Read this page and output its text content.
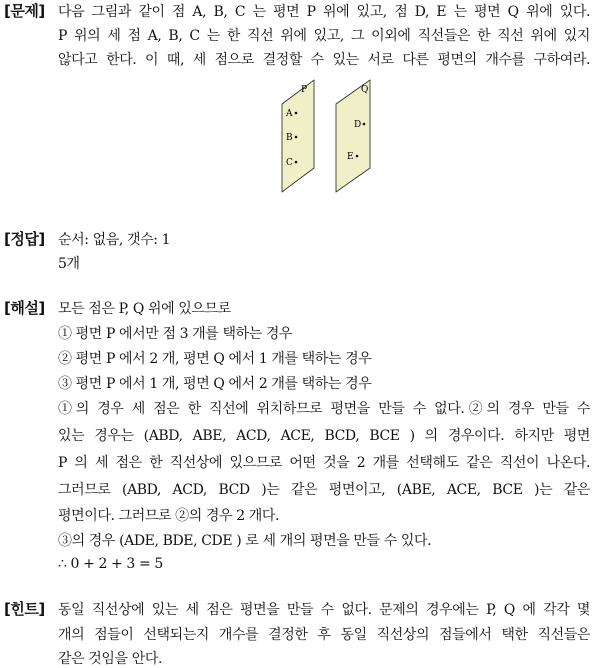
[문제] 다음 그림과 같이 점 A, B, C 는 평면 P 위에 있고, 점 D, E 는 평면 Q 위에 있다.
P 위의 세 점 A, B, C 는 한 직선 위에 있고, 그 이외에 직선들은 한 직선 위에 있지
않다고 한다. 이 때, 세 점으로 결정할 수 있는 서로 다른 평면의 개수를 구하여라.
P
A
B
C
Q
D
E
[정답] 순서: 없음, 갯수: 1
5개
[해설] 모든 점은 P, Q 위에 있으므로
① 평면 P 에서만 점 3 개를 택하는 경우
② 평면 P 에서 2 개, 평면 Q 에서 1 개를 택하는 경우
③ 평면 P 에서 1 개, 평면 Q 에서 2 개를 택하는 경우
①의 경우 세 점은 한 직선에 위치하므로 평면을 만들 수 없다.②의 경우 만들 수
있는 경우는 (ABD, ABE, ACD, ACE, BCD, BCE ) 의 경우이다. 하지만 평면
P 의 세 점은 한 직선상에 있으므로 어떤 것을 2 개를 선택해도 같은 직선이 나온다.
그러므로 (ABD, ACD, BCD )는 같은 평면이고, (ABE, ACE, BCE )는 같은
평면이다. 그러므로 ②의 경우 2 개다.
③의 경우 (ADE, BDE, CDE ) 로 세 개의 평면을 만들 수 있다.
∴ 0 + 2 + 3 = 5
[힌트] 동일 직선상에 있는 세 점은 평면을 만들 수 없다. 문제의 경우에는 P, Q 에 각각 몇
개의 점들이 선택되는지 개수를 결정한 후 동일 직선상의 점들에서 택한 직선들은
같은 것임을 안다.
